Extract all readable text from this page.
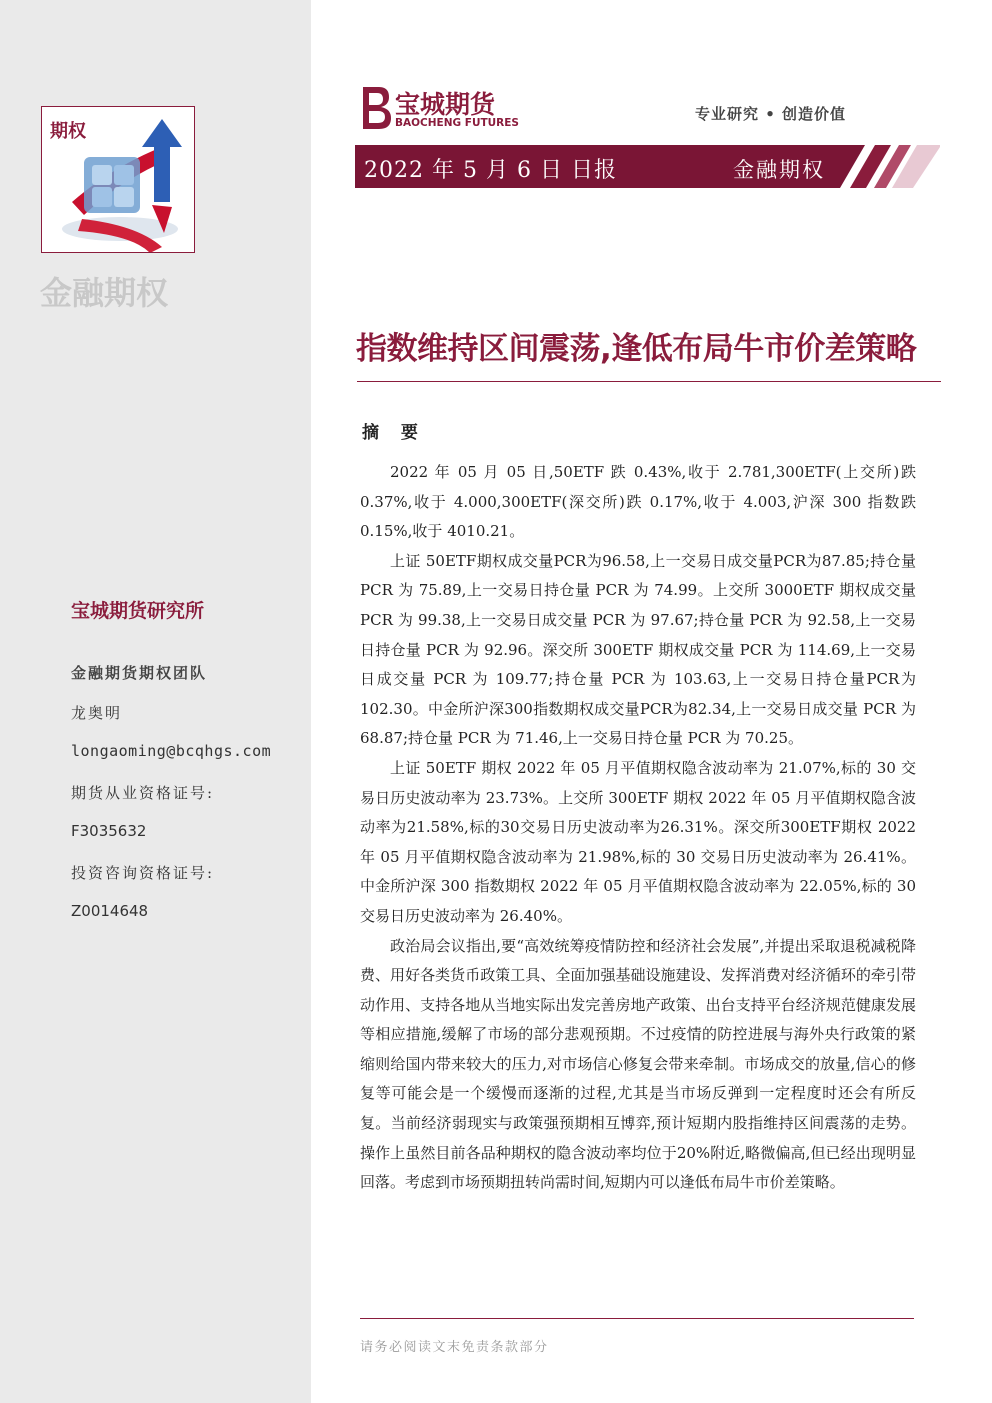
期权
金融期权
宝城期货研究所
金融期货期权团队
龙奥明
longaoming@bcqhgs.com
期货从业资格证号:
F3035632
投资咨询资格证号:
Z0014648
宝城期货
BAOCHENG FUTURES	专业研究 • 创造价值
2022 年 5 月 6 日 日报	金融期权
指数维持区间震荡,逢低布局牛市价差策略
摘 要

2022 年 05 月 05 日,50ETF 跌 0.43%,收于 2.781,300ETF(上交所)跌 0.37%,收于 4.000,300ETF(深交所)跌 0.17%,收于 4.003,沪深 300 指数跌 0.15%,收于 4010.21。

上证 50ETF期权成交量PCR为96.58,上一交易日成交量PCR为87.85;持仓量 PCR 为 75.89,上一交易日持仓量 PCR 为 74.99。上交所 3000ETF 期权成交量 PCR 为 99.38,上一交易日成交量 PCR 为 97.67;持仓量 PCR 为 92.58,上一交易日持仓量 PCR 为 92.96。深交所 300ETF 期权成交量 PCR 为 114.69,上一交易日成交量 PCR 为 109.77;持仓量 PCR 为 103.63,上一交易日持仓量PCR为102.30。中金所沪深300指数期权成交量PCR为82.34,上一交易日成交量 PCR 为 68.87;持仓量 PCR 为 71.46,上一交易日持仓量 PCR 为 70.25。

上证 50ETF 期权 2022 年 05 月平值期权隐含波动率为 21.07%,标的 30 交易日历史波动率为 23.73%。上交所 300ETF 期权 2022 年 05 月平值期权隐含波动率为21.58%,标的30交易日历史波动率为26.31%。深交所300ETF期权 2022 年 05 月平值期权隐含波动率为 21.98%,标的 30 交易日历史波动率为 26.41%。中金所沪深 300 指数期权 2022 年 05 月平值期权隐含波动率为 22.05%,标的 30 交易日历史波动率为 26.40%。

政治局会议指出,要“高效统筹疫情防控和经济社会发展”,并提出采取退税减税降费、用好各类货币政策工具、全面加强基础设施建设、发挥消费对经济循环的牵引带动作用、支持各地从当地实际出发完善房地产政策、出台支持平台经济规范健康发展等相应措施,缓解了市场的部分悲观预期。不过疫情的防控进展与海外央行政策的紧缩则给国内带来较大的压力,对市场信心修复会带来牵制。市场成交的放量,信心的修复等可能会是一个缓慢而逐渐的过程,尤其是当市场反弹到一定程度时还会有所反复。当前经济弱现实与政策强预期相互博弈,预计短期内股指维持区间震荡的走势。操作上虽然目前各品种期权的隐含波动率均位于20%附近,略微偏高,但已经出现明显回落。考虑到市场预期扭转尚需时间,短期内可以逢低布局牛市价差策略。

请务必阅读文末免责条款部分
